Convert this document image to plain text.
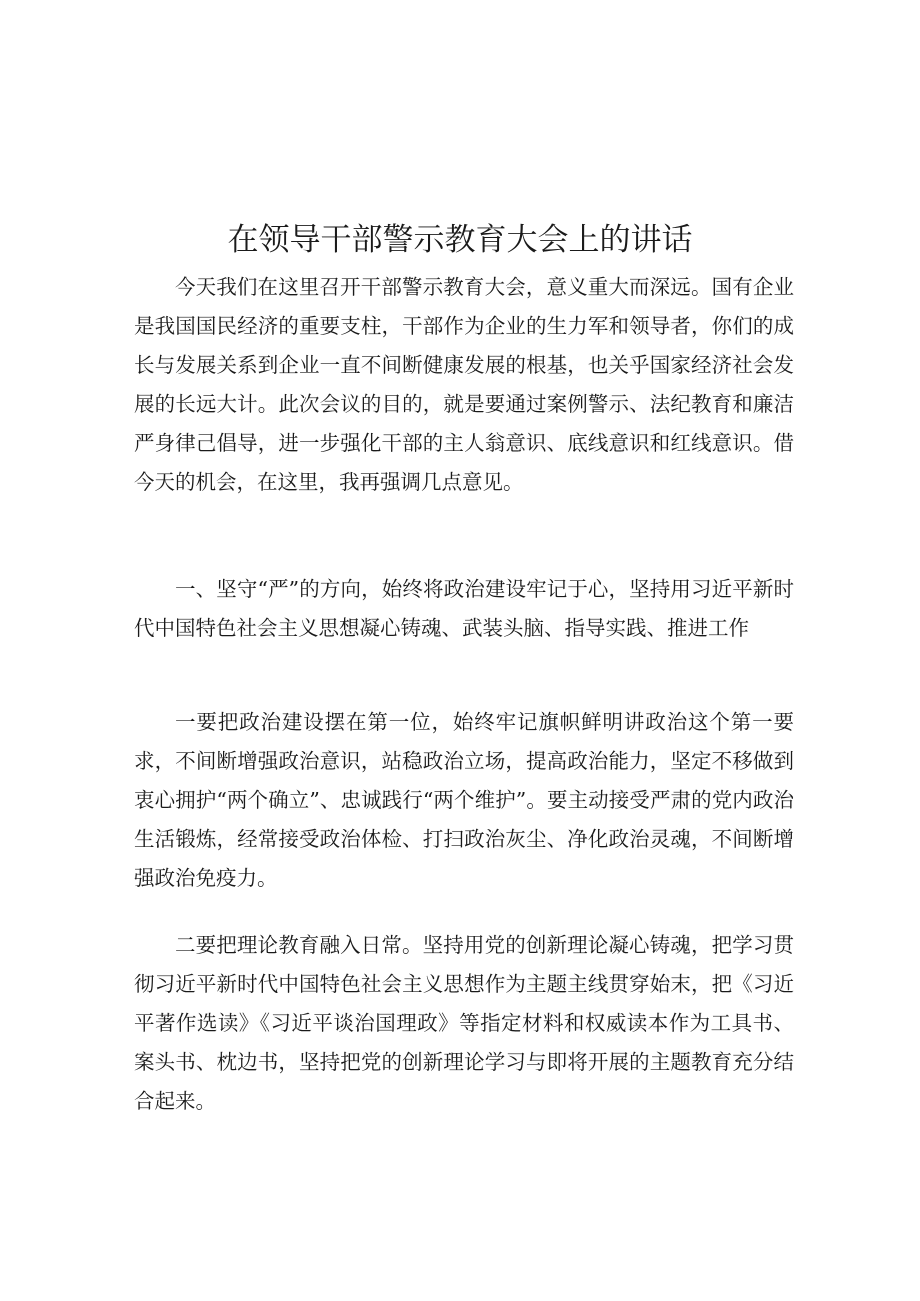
在领导干部警示教育大会上的讲话

今天我们在这里召开干部警示教育大会，意义重大而深远。国有企业是我国国民经济的重要支柱，干部作为企业的生力军和领导者，你们的成长与发展关系到企业一直不间断健康发展的根基，也关乎国家经济社会发展的长远大计。此次会议的目的，就是要通过案例警示、法纪教育和廉洁严身律己倡导，进一步强化干部的主人翁意识、底线意识和红线意识。借今天的机会，在这里，我再强调几点意见。

一、坚守“严”的方向，始终将政治建设牢记于心，坚持用习近平新时代中国特色社会主义思想凝心铸魂、武装头脑、指导实践、推进工作

一要把政治建设摆在第一位，始终牢记旗帜鲜明讲政治这个第一要求，不间断增强政治意识，站稳政治立场，提高政治能力，坚定不移做到衷心拥护“两个确立”、忠诚践行“两个维护”。要主动接受严肃的党内政治生活锻炼，经常接受政治体检、打扫政治灰尘、净化政治灵魂，不间断增强政治免疫力。

二要把理论教育融入日常。坚持用党的创新理论凝心铸魂，把学习贯彻习近平新时代中国特色社会主义思想作为主题主线贯穿始末，把《习近平著作选读》《习近平谈治国理政》等指定材料和权威读本作为工具书、案头书、枕边书，坚持把党的创新理论学习与即将开展的主题教育充分结合起来。
